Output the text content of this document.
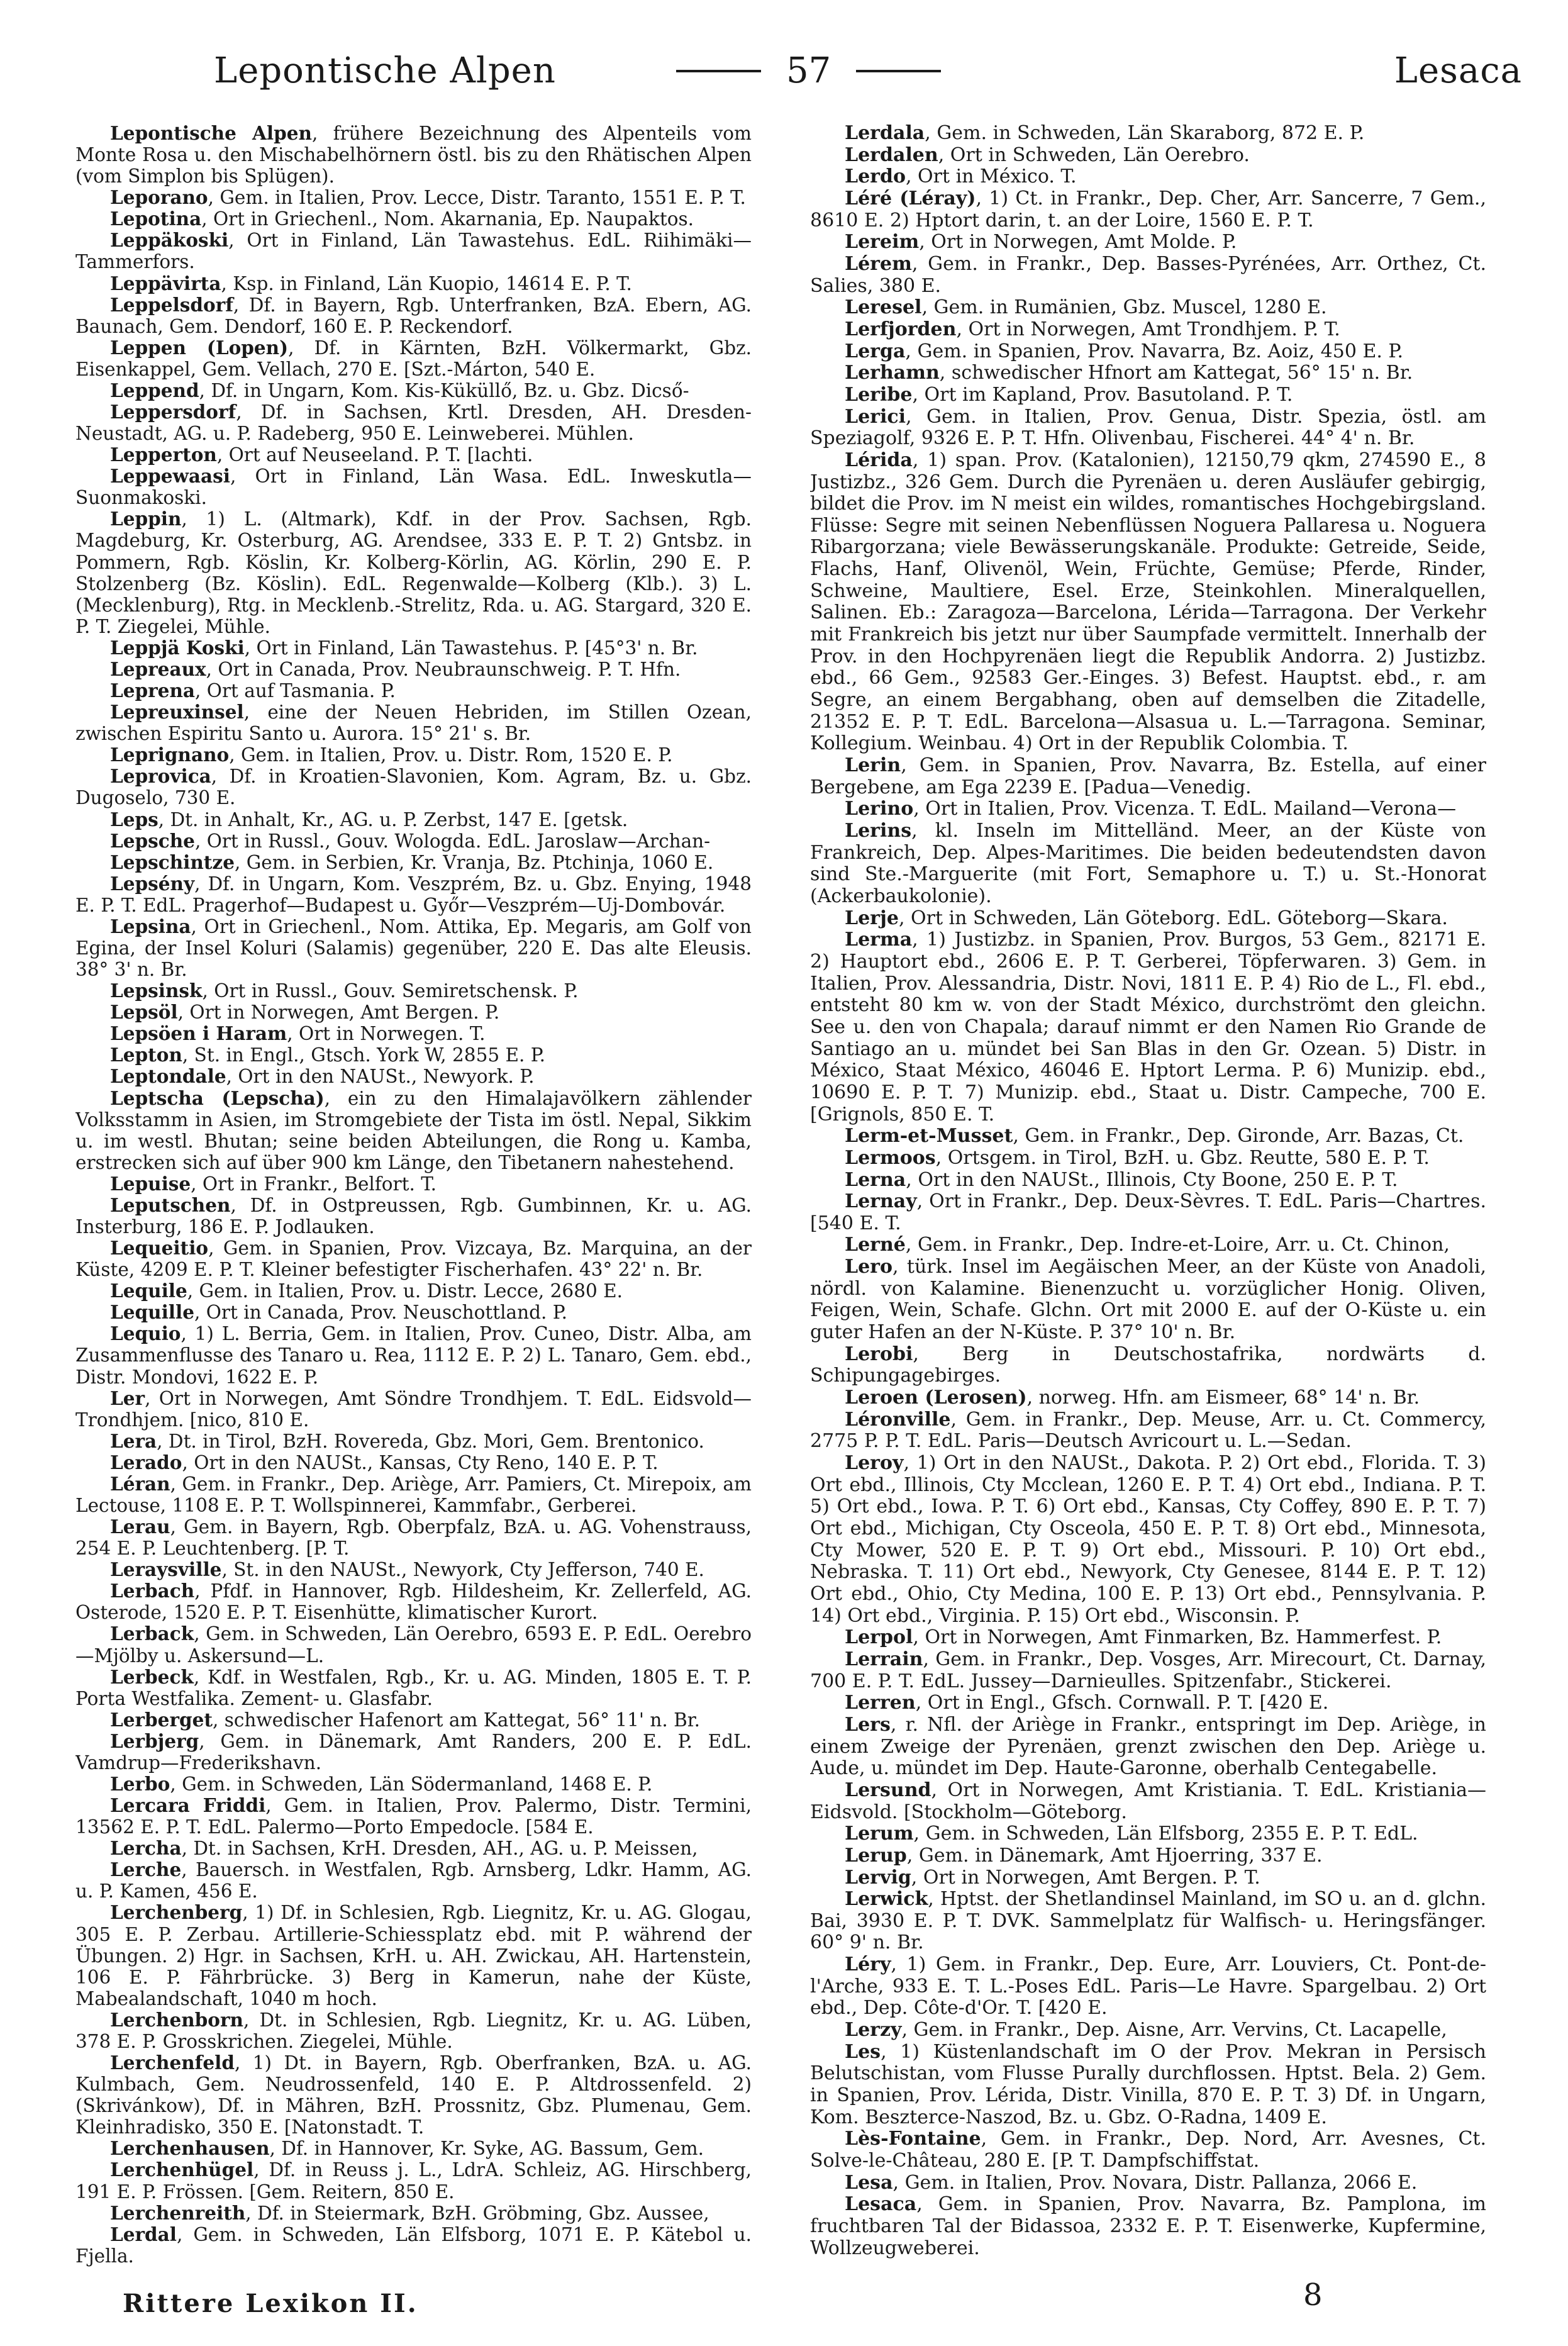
Lepontische Alpen	57	Lesaca

Lepontische Alpen, frühere Bezeichnung des Alpenteils vom Monte Rosa u. den Mischabelhörnern östl. bis zu den Rhätischen Alpen (vom Simplon bis Splügen).

Leporano, Gem. in Italien, Prov. Lecce, Distr. Taranto, 1551 E. P. T.

Lepotina, Ort in Griechenl., Nom. Akarnania, Ep. Naupaktos.

Leppäkoski, Ort in Finland, Län Tawastehus. EdL. Riihimäki—Tammerfors.

Leppävirta, Ksp. in Finland, Län Kuopio, 14614 E. P. T.

Leppelsdorf, Df. in Bayern, Rgb. Unterfranken, BzA. Ebern, AG. Baunach, Gem. Dendorf, 160 E. P. Reckendorf.

Leppen (Lopen), Df. in Kärnten, BzH. Völkermarkt, Gbz. Eisenkappel, Gem. Vellach, 270 E. [Szt.-Márton, 540 E.

Leppend, Df. in Ungarn, Kom. Kis-Küküllő, Bz. u. Gbz. Dicső-

Leppersdorf, Df. in Sachsen, Krtl. Dresden, AH. Dresden-Neustadt, AG. u. P. Radeberg, 950 E. Leinweberei. Mühlen.

Lepperton, Ort auf Neuseeland. P. T. [lachti.

Leppewaasi, Ort in Finland, Län Wasa. EdL. Inweskutla—Suonmakoski.

Leppin, 1) L. (Altmark), Kdf. in der Prov. Sachsen, Rgb. Magdeburg, Kr. Osterburg, AG. Arendsee, 333 E. P. T. 2) Gntsbz. in Pommern, Rgb. Köslin, Kr. Kolberg-Körlin, AG. Körlin, 290 E. P. Stolzenberg (Bz. Köslin). EdL. Regenwalde—Kolberg (Klb.). 3) L. (Mecklenburg), Rtg. in Mecklenb.-Strelitz, Rda. u. AG. Stargard, 320 E. P. T. Ziegelei, Mühle.

Leppjä Koski, Ort in Finland, Län Tawastehus. P. [45°3' n. Br.

Lepreaux, Ort in Canada, Prov. Neubraunschweig. P. T. Hfn.

Leprena, Ort auf Tasmania. P.

Lepreuxinsel, eine der Neuen Hebriden, im Stillen Ozean, zwischen Espiritu Santo u. Aurora. 15° 21' s. Br.

Leprignano, Gem. in Italien, Prov. u. Distr. Rom, 1520 E. P.

Leprovica, Df. in Kroatien-Slavonien, Kom. Agram, Bz. u. Gbz. Dugoselo, 730 E.

Leps, Dt. in Anhalt, Kr., AG. u. P. Zerbst, 147 E. [getsk.

Lepsche, Ort in Russl., Gouv. Wologda. EdL. Jaroslaw—Archan-

Lepschintze, Gem. in Serbien, Kr. Vranja, Bz. Ptchinja, 1060 E.

Lepsény, Df. in Ungarn, Kom. Veszprém, Bz. u. Gbz. Enying, 1948 E. P. T. EdL. Pragerhof—Budapest u. Győr—Veszprém—Uj-Dombovár.

Lepsina, Ort in Griechenl., Nom. Attika, Ep. Megaris, am Golf von Egina, der Insel Koluri (Salamis) gegenüber, 220 E. Das alte Eleusis. 38° 3' n. Br.

Lepsinsk, Ort in Russl., Gouv. Semiretschensk. P.

Lepsöl, Ort in Norwegen, Amt Bergen. P.

Lepsöen i Haram, Ort in Norwegen. T.

Lepton, St. in Engl., Gtsch. York W, 2855 E. P.

Leptondale, Ort in den NAUSt., Newyork. P.

Leptscha (Lepscha), ein zu den Himalajavölkern zählender Volksstamm in Asien, im Stromgebiete der Tista im östl. Nepal, Sikkim u. im westl. Bhutan; seine beiden Abteilungen, die Rong u. Kamba, erstrecken sich auf über 900 km Länge, den Tibetanern nahestehend.

Lepuise, Ort in Frankr., Belfort. T.

Leputschen, Df. in Ostpreussen, Rgb. Gumbinnen, Kr. u. AG. Insterburg, 186 E. P. Jodlauken.

Lequeitio, Gem. in Spanien, Prov. Vizcaya, Bz. Marquina, an der Küste, 4209 E. P. T. Kleiner befestigter Fischerhafen. 43° 22' n. Br.

Lequile, Gem. in Italien, Prov. u. Distr. Lecce, 2680 E.

Lequille, Ort in Canada, Prov. Neuschottland. P.

Lequio, 1) L. Berria, Gem. in Italien, Prov. Cuneo, Distr. Alba, am Zusammenflusse des Tanaro u. Rea, 1112 E. P. 2) L. Tanaro, Gem. ebd., Distr. Mondovi, 1622 E. P.

Ler, Ort in Norwegen, Amt Söndre Trondhjem. T. EdL. Eidsvold—Trondhjem. [nico, 810 E.

Lera, Dt. in Tirol, BzH. Rovereda, Gbz. Mori, Gem. Brentonico.

Lerado, Ort in den NAUSt., Kansas, Cty Reno, 140 E. P. T.

Léran, Gem. in Frankr., Dep. Ariège, Arr. Pamiers, Ct. Mirepoix, am Lectouse, 1108 E. P. T. Wollspinnerei, Kammfabr., Gerberei.

Lerau, Gem. in Bayern, Rgb. Oberpfalz, BzA. u. AG. Vohenstrauss, 254 E. P. Leuchtenberg. [P. T.

Leraysville, St. in den NAUSt., Newyork, Cty Jefferson, 740 E.

Lerbach, Pfdf. in Hannover, Rgb. Hildesheim, Kr. Zellerfeld, AG. Osterode, 1520 E. P. T. Eisenhütte, klimatischer Kurort.

Lerback, Gem. in Schweden, Län Oerebro, 6593 E. P. EdL. Oerebro—Mjölby u. Askersund—L.

Lerbeck, Kdf. in Westfalen, Rgb., Kr. u. AG. Minden, 1805 E. T. P. Porta Westfalika. Zement- u. Glasfabr.

Lerberget, schwedischer Hafenort am Kattegat, 56° 11' n. Br.

Lerbjerg, Gem. in Dänemark, Amt Randers, 200 E. P. EdL. Vamdrup—Frederikshavn.

Lerbo, Gem. in Schweden, Län Södermanland, 1468 E. P.

Lercara Friddi, Gem. in Italien, Prov. Palermo, Distr. Termini, 13562 E. P. T. EdL. Palermo—Porto Empedocle. [584 E.

Lercha, Dt. in Sachsen, KrH. Dresden, AH., AG. u. P. Meissen,

Lerche, Bauersch. in Westfalen, Rgb. Arnsberg, Ldkr. Hamm, AG. u. P. Kamen, 456 E.

Lerchenberg, 1) Df. in Schlesien, Rgb. Liegnitz, Kr. u. AG. Glogau, 305 E. P. Zerbau. Artillerie-Schiessplatz ebd. mit P. während der Übungen. 2) Hgr. in Sachsen, KrH. u. AH. Zwickau, AH. Hartenstein, 106 E. P. Fährbrücke. 3) Berg in Kamerun, nahe der Küste, Mabealandschaft, 1040 m hoch.

Lerchenborn, Dt. in Schlesien, Rgb. Liegnitz, Kr. u. AG. Lüben, 378 E. P. Grosskrichen. Ziegelei, Mühle.

Lerchenfeld, 1) Dt. in Bayern, Rgb. Oberfranken, BzA. u. AG. Kulmbach, Gem. Neudrossenfeld, 140 E. P. Altdrossenfeld. 2) (Skrivánkow), Df. in Mähren, BzH. Prossnitz, Gbz. Plumenau, Gem. Kleinhradisko, 350 E. [Natonstadt. T.

Lerchenhausen, Df. in Hannover, Kr. Syke, AG. Bassum, Gem.

Lerchenhügel, Df. in Reuss j. L., LdrA. Schleiz, AG. Hirschberg, 191 E. P. Frössen. [Gem. Reitern, 850 E.

Lerchenreith, Df. in Steiermark, BzH. Gröbming, Gbz. Aussee,

Lerdal, Gem. in Schweden, Län Elfsborg, 1071 E. P. Kätebol u. Fjella.

Lerdala, Gem. in Schweden, Län Skaraborg, 872 E. P.

Lerdalen, Ort in Schweden, Län Oerebro.

Lerdo, Ort in México. T.

Léré (Léray), 1) Ct. in Frankr., Dep. Cher, Arr. Sancerre, 7 Gem., 8610 E. 2) Hptort darin, t. an der Loire, 1560 E. P. T.

Lereim, Ort in Norwegen, Amt Molde. P.

Lérem, Gem. in Frankr., Dep. Basses-Pyrénées, Arr. Orthez, Ct. Salies, 380 E.

Leresel, Gem. in Rumänien, Gbz. Muscel, 1280 E.

Lerfjorden, Ort in Norwegen, Amt Trondhjem. P. T.

Lerga, Gem. in Spanien, Prov. Navarra, Bz. Aoiz, 450 E. P.

Lerhamn, schwedischer Hfnort am Kattegat, 56° 15' n. Br.

Leribe, Ort im Kapland, Prov. Basutoland. P. T.

Lerici, Gem. in Italien, Prov. Genua, Distr. Spezia, östl. am Speziagolf, 9326 E. P. T. Hfn. Olivenbau, Fischerei. 44° 4' n. Br.

Lérida, 1) span. Prov. (Katalonien), 12150,79 qkm, 274590 E., 8 Justizbz., 326 Gem. Durch die Pyrenäen u. deren Ausläufer gebirgig, bildet die Prov. im N meist ein wildes, romantisches Hochgebirgsland. Flüsse: Segre mit seinen Nebenflüssen Noguera Pallaresa u. Noguera Ribargorzana; viele Bewässerungskanäle. Produkte: Getreide, Seide, Flachs, Hanf, Olivenöl, Wein, Früchte, Gemüse; Pferde, Rinder, Schweine, Maultiere, Esel. Erze, Steinkohlen. Mineralquellen, Salinen. Eb.: Zaragoza—Barcelona, Lérida—Tarragona. Der Verkehr mit Frankreich bis jetzt nur über Saumpfade vermittelt. Innerhalb der Prov. in den Hochpyrenäen liegt die Republik Andorra. 2) Justizbz. ebd., 66 Gem., 92583 Ger.-Einges. 3) Befest. Hauptst. ebd., r. am Segre, an einem Bergabhang, oben auf demselben die Zitadelle, 21352 E. P. T. EdL. Barcelona—Alsasua u. L.—Tarragona. Seminar, Kollegium. Weinbau. 4) Ort in der Republik Colombia. T.

Lerin, Gem. in Spanien, Prov. Navarra, Bz. Estella, auf einer Bergebene, am Ega 2239 E. [Padua—Venedig.

Lerino, Ort in Italien, Prov. Vicenza. T. EdL. Mailand—Verona—

Lerins, kl. Inseln im Mittelländ. Meer, an der Küste von Frankreich, Dep. Alpes-Maritimes. Die beiden bedeutendsten davon sind Ste.-Marguerite (mit Fort, Semaphore u. T.) u. St.-Honorat (Ackerbaukolonie).

Lerje, Ort in Schweden, Län Göteborg. EdL. Göteborg—Skara.

Lerma, 1) Justizbz. in Spanien, Prov. Burgos, 53 Gem., 82171 E. 2) Hauptort ebd., 2606 E. P. T. Gerberei, Töpferwaren. 3) Gem. in Italien, Prov. Alessandria, Distr. Novi, 1811 E. P. 4) Rio de L., Fl. ebd., entsteht 80 km w. von der Stadt México, durchströmt den gleichn. See u. den von Chapala; darauf nimmt er den Namen Rio Grande de Santiago an u. mündet bei San Blas in den Gr. Ozean. 5) Distr. in México, Staat México, 46046 E. Hptort Lerma. P. 6) Munizip. ebd., 10690 E. P. T. 7) Munizip. ebd., Staat u. Distr. Campeche, 700 E. [Grignols, 850 E. T.

Lerm-et-Musset, Gem. in Frankr., Dep. Gironde, Arr. Bazas, Ct.

Lermoos, Ortsgem. in Tirol, BzH. u. Gbz. Reutte, 580 E. P. T.

Lerna, Ort in den NAUSt., Illinois, Cty Boone, 250 E. P. T.

Lernay, Ort in Frankr., Dep. Deux-Sèvres. T. EdL. Paris—Chartres. [540 E. T.

Lerné, Gem. in Frankr., Dep. Indre-et-Loire, Arr. u. Ct. Chinon,

Lero, türk. Insel im Aegäischen Meer, an der Küste von Anadoli, nördl. von Kalamine. Bienenzucht u. vorzüglicher Honig. Oliven, Feigen, Wein, Schafe. Glchn. Ort mit 2000 E. auf der O-Küste u. ein guter Hafen an der N-Küste. P. 37° 10' n. Br.

Lerobi, Berg in Deutschostafrika, nordwärts d. Schipungagebirges.

Leroen (Lerosen), norweg. Hfn. am Eismeer, 68° 14' n. Br.

Léronville, Gem. in Frankr., Dep. Meuse, Arr. u. Ct. Commercy, 2775 P. P. T. EdL. Paris—Deutsch Avricourt u. L.—Sedan.

Leroy, 1) Ort in den NAUSt., Dakota. P. 2) Ort ebd., Florida. T. 3) Ort ebd., Illinois, Cty Mcclean, 1260 E. P. T. 4) Ort ebd., Indiana. P. T. 5) Ort ebd., Iowa. P. T. 6) Ort ebd., Kansas, Cty Coffey, 890 E. P. T. 7) Ort ebd., Michigan, Cty Osceola, 450 E. P. T. 8) Ort ebd., Minnesota, Cty Mower, 520 E. P. T. 9) Ort ebd., Missouri. P. 10) Ort ebd., Nebraska. T. 11) Ort ebd., Newyork, Cty Genesee, 8144 E. P. T. 12) Ort ebd., Ohio, Cty Medina, 100 E. P. 13) Ort ebd., Pennsylvania. P. 14) Ort ebd., Virginia. P. 15) Ort ebd., Wisconsin. P.

Lerpol, Ort in Norwegen, Amt Finmarken, Bz. Hammerfest. P.

Lerrain, Gem. in Frankr., Dep. Vosges, Arr. Mirecourt, Ct. Darnay, 700 E. P. T. EdL. Jussey—Darnieulles. Spitzenfabr., Stickerei.

Lerren, Ort in Engl., Gfsch. Cornwall. P. T. [420 E.

Lers, r. Nfl. der Ariège in Frankr., entspringt im Dep. Ariège, in einem Zweige der Pyrenäen, grenzt zwischen den Dep. Ariège u. Aude, u. mündet im Dep. Haute-Garonne, oberhalb Centegabelle.

Lersund, Ort in Norwegen, Amt Kristiania. T. EdL. Kristiania—Eidsvold. [Stockholm—Göteborg.

Lerum, Gem. in Schweden, Län Elfsborg, 2355 E. P. T. EdL.

Lerup, Gem. in Dänemark, Amt Hjoerring, 337 E.

Lervig, Ort in Norwegen, Amt Bergen. P. T.

Lerwick, Hptst. der Shetlandinsel Mainland, im SO u. an d. glchn. Bai, 3930 E. P. T. DVK. Sammelplatz für Walfisch- u. Heringsfänger. 60° 9' n. Br.

Léry, 1) Gem. in Frankr., Dep. Eure, Arr. Louviers, Ct. Pont-de-l'Arche, 933 E. T. L.-Poses EdL. Paris—Le Havre. Spargelbau. 2) Ort ebd., Dep. Côte-d'Or. T. [420 E.

Lerzy, Gem. in Frankr., Dep. Aisne, Arr. Vervins, Ct. Lacapelle,

Les, 1) Küstenlandschaft im O der Prov. Mekran in Persisch Belutschistan, vom Flusse Purally durchflossen. Hptst. Bela. 2) Gem. in Spanien, Prov. Lérida, Distr. Vinilla, 870 E. P. T. 3) Df. in Ungarn, Kom. Beszterce-Naszod, Bz. u. Gbz. O-Radna, 1409 E.

Lès-Fontaine, Gem. in Frankr., Dep. Nord, Arr. Avesnes, Ct. Solve-le-Château, 280 E. [P. T. Dampfschiffstat.

Lesa, Gem. in Italien, Prov. Novara, Distr. Pallanza, 2066 E.

Lesaca, Gem. in Spanien, Prov. Navarra, Bz. Pamplona, im fruchtbaren Tal der Bidassoa, 2332 E. P. T. Eisenwerke, Kupfermine, Wollzeugweberei.

Rittere Lexikon II.	8
